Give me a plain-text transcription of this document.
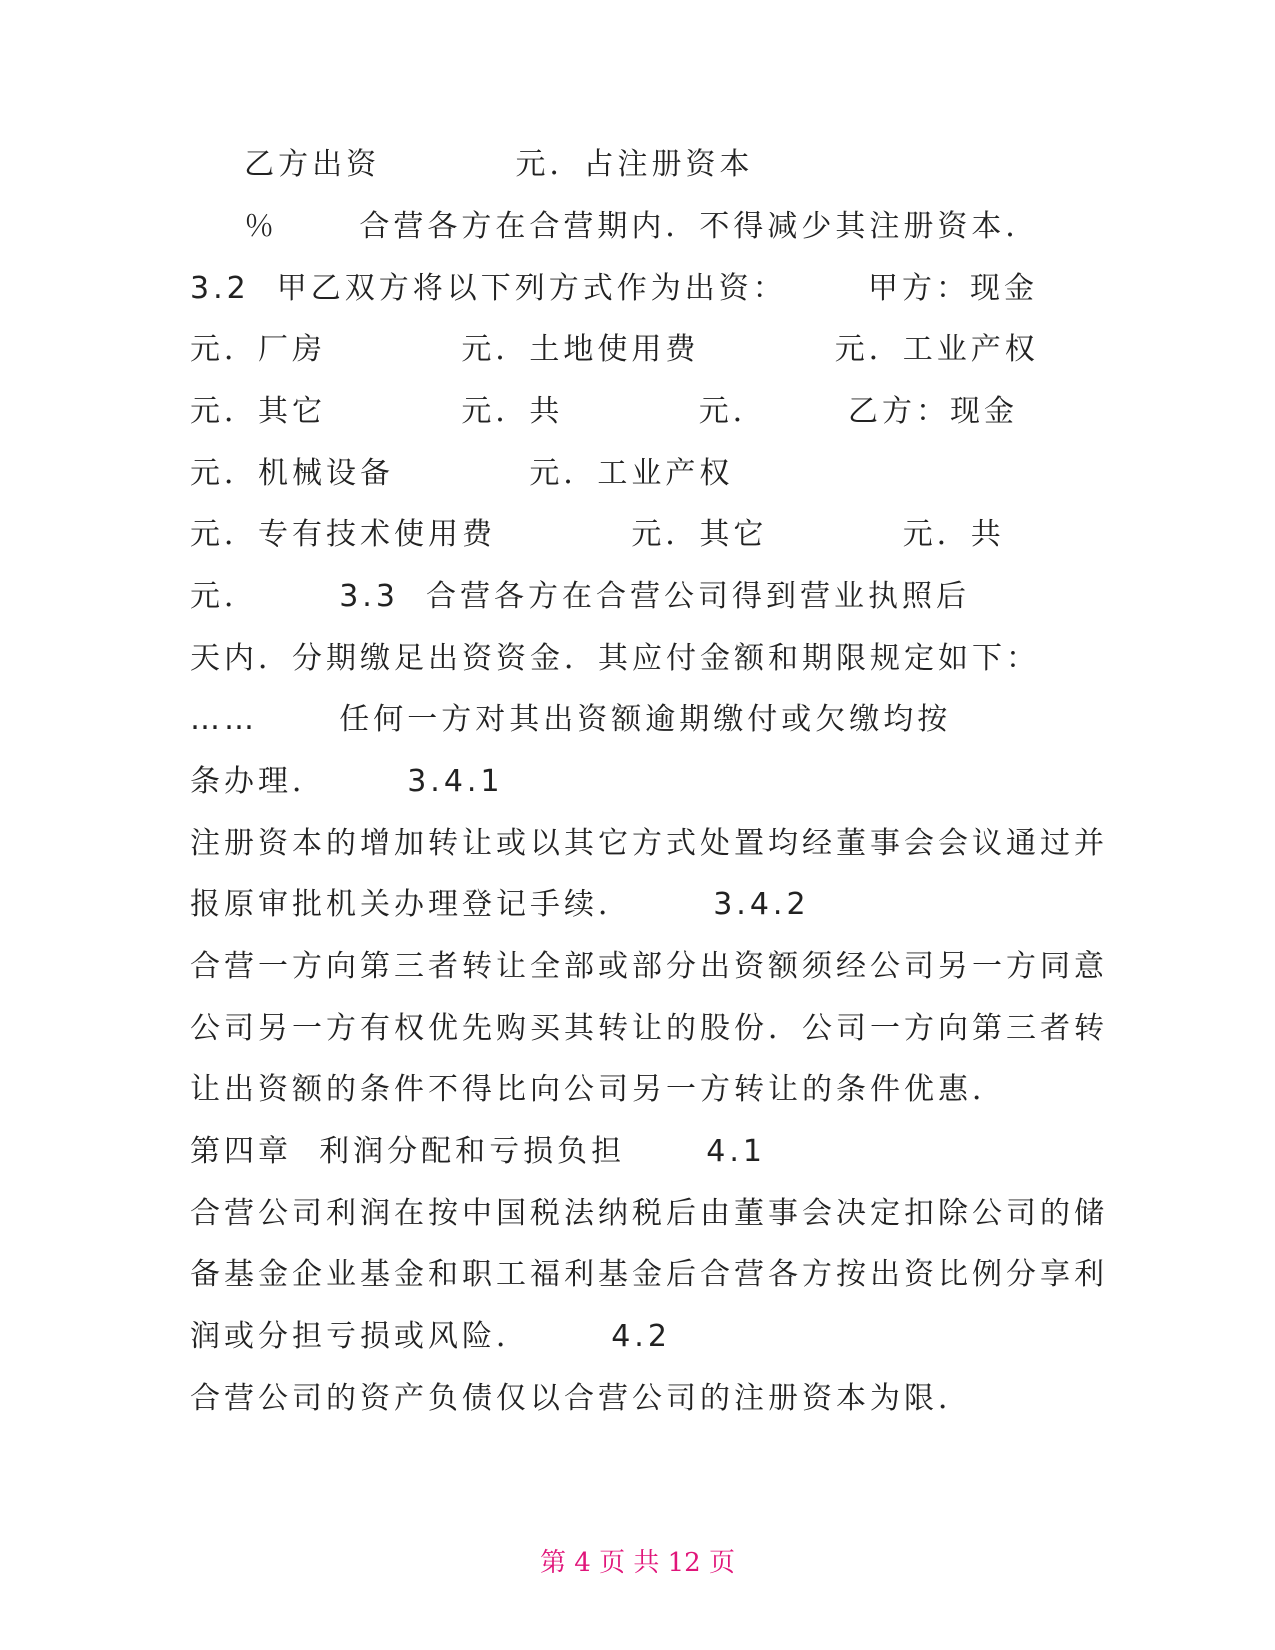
乙方出资          元．占注册资本
％      合营各方在合营期内．不得减少其注册资本．
3.2  甲乙双方将以下列方式作为出资：      甲方：现金
元．厂房          元．土地使用费          元．工业产权
元．其它          元．共          元．      乙方：现金
元．机械设备          元．工业产权
元．专有技术使用费          元．其它          元．共
元．      3.3  合营各方在合营公司得到营业执照后
天内．分期缴足出资资金．其应付金额和期限规定如下：
……      任何一方对其出资额逾期缴付或欠缴均按
条办理．      3.4.1
注册资本的增加转让或以其它方式处置均经董事会会议通过并
报原审批机关办理登记手续．      3.4.2
合营一方向第三者转让全部或部分出资额须经公司另一方同意
公司另一方有权优先购买其转让的股份．公司一方向第三者转
让出资额的条件不得比向公司另一方转让的条件优惠．
第四章  利润分配和亏损负担      4.1
合营公司利润在按中国税法纳税后由董事会决定扣除公司的储
备基金企业基金和职工福利基金后合营各方按出资比例分享利
润或分担亏损或风险．      4.2
合营公司的资产负债仅以合营公司的注册资本为限．
第 4 页 共 12 页
